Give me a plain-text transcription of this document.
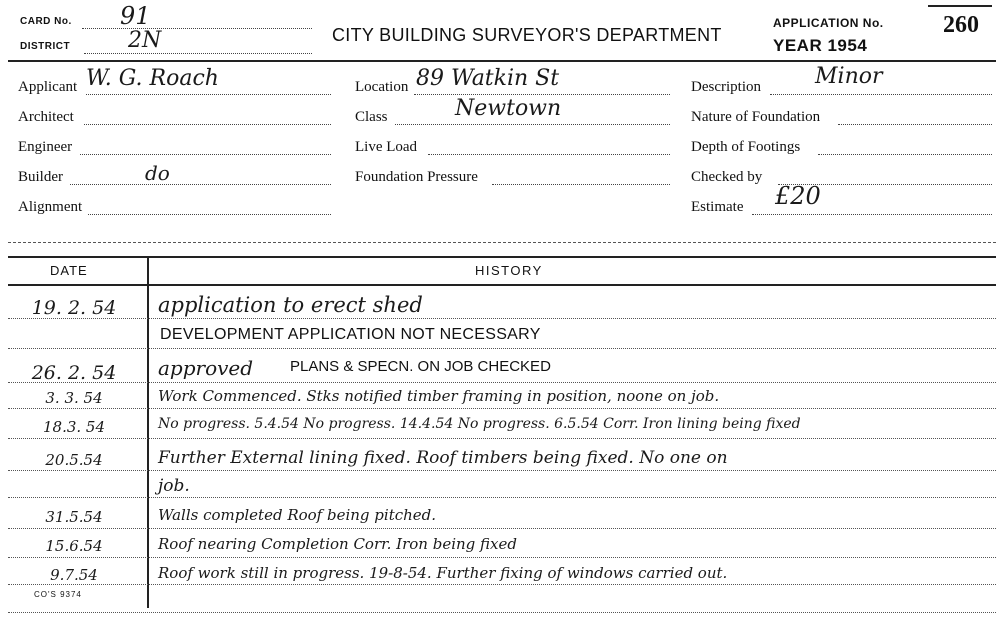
CARD No. 91
DISTRICT	2N	CITY BUILDING SURVEYOR'S DEPARTMENT
APPLICATION No. 260
YEAR 1954
Applicant W. G. Roach
Architect
Engineer
Builder	do
Alignment
Location 89 Watkin St
Class	Newtown
Live Load
Foundation Pressure
Description Minor
Nature of Foundation
Depth of Footings
Checked by
Estimate £20
DATE	HISTORY
19. 2. 54	application to erect shed
DEVELOPMENT APPLICATION NOT NECESSARY
26. 2. 54	approved PLANS & SPECN. ON JOB CHECKED
3. 3. 54	Work Commenced. Stks notified timber framing in position, noone on job.
18.3. 54	No progress. 5.4.54 No progress. 14.4.54 No progress. 6.5.54 Corr. Iron lining being fixed
20.5.54	Further External lining fixed. Roof timbers being fixed. No one on
job.
31.5.54	Walls completed Roof being pitched.
15.6.54	Roof nearing Completion Corr. Iron being fixed
9.7.54	Roof work still in progress. 19-8-54. Further fixing of windows carried out.
CO'S 9374
